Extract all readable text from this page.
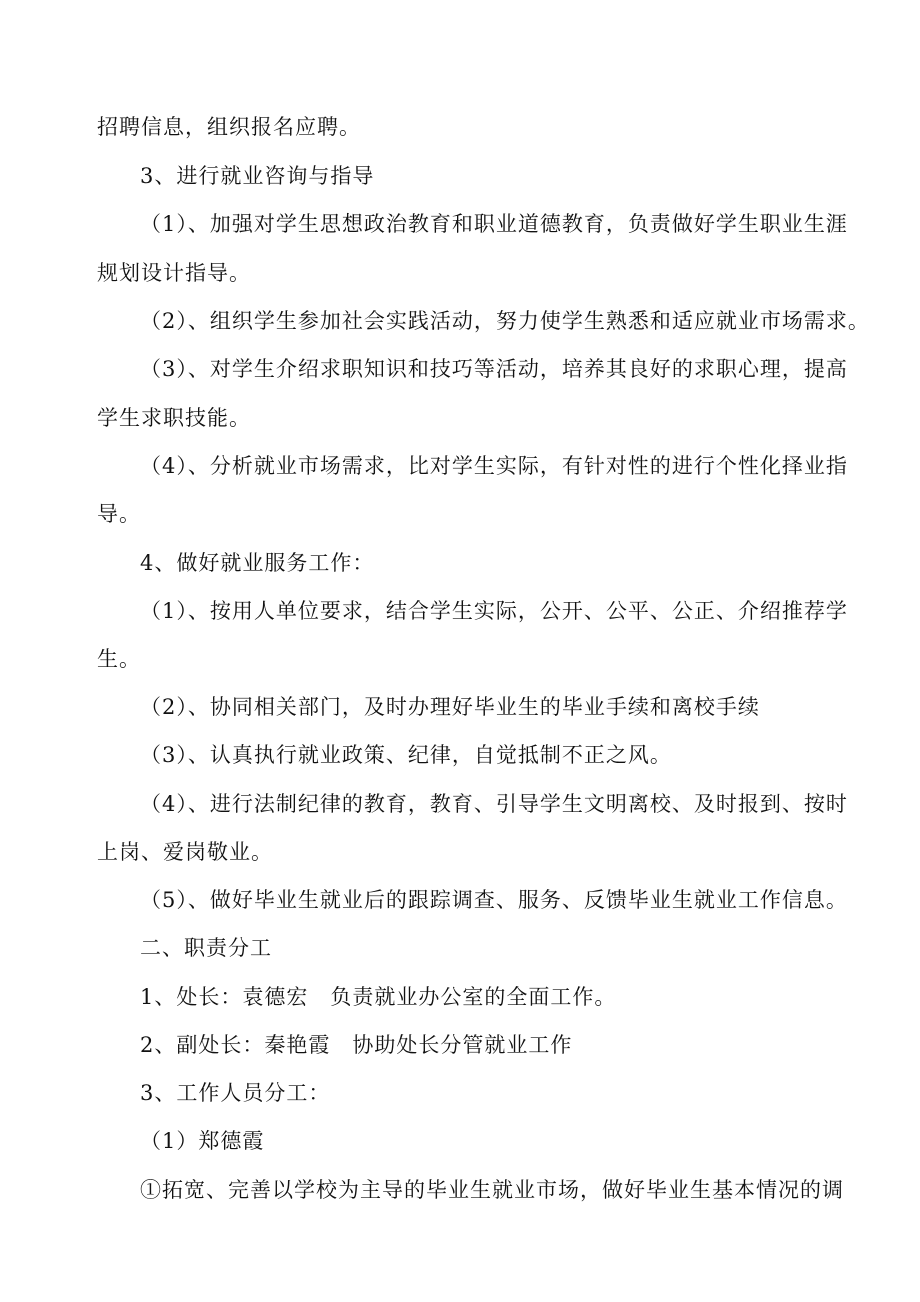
招聘信息，组织报名应聘。
3、进行就业咨询与指导
（1）、加强对学生思想政治教育和职业道德教育，负责做好学生职业生涯
规划设计指导。
（2）、组织学生参加社会实践活动，努力使学生熟悉和适应就业市场需求。
（3）、对学生介绍求职知识和技巧等活动，培养其良好的求职心理，提高
学生求职技能。
（4）、分析就业市场需求，比对学生实际，有针对性的进行个性化择业指
导。
4、做好就业服务工作：
（1）、按用人单位要求，结合学生实际，公开、公平、公正、介绍推荐学
生。
（2）、协同相关部门，及时办理好毕业生的毕业手续和离校手续
（3）、认真执行就业政策、纪律，自觉抵制不正之风。
（4）、进行法制纪律的教育，教育、引导学生文明离校、及时报到、按时
上岗、爱岗敬业。
（5）、做好毕业生就业后的跟踪调查、服务、反馈毕业生就业工作信息。
二、职责分工
1、处长：袁德宏　负责就业办公室的全面工作。
2、副处长：秦艳霞　协助处长分管就业工作
3、工作人员分工：
（1）郑德霞
①拓宽、完善以学校为主导的毕业生就业市场，做好毕业生基本情况的调
